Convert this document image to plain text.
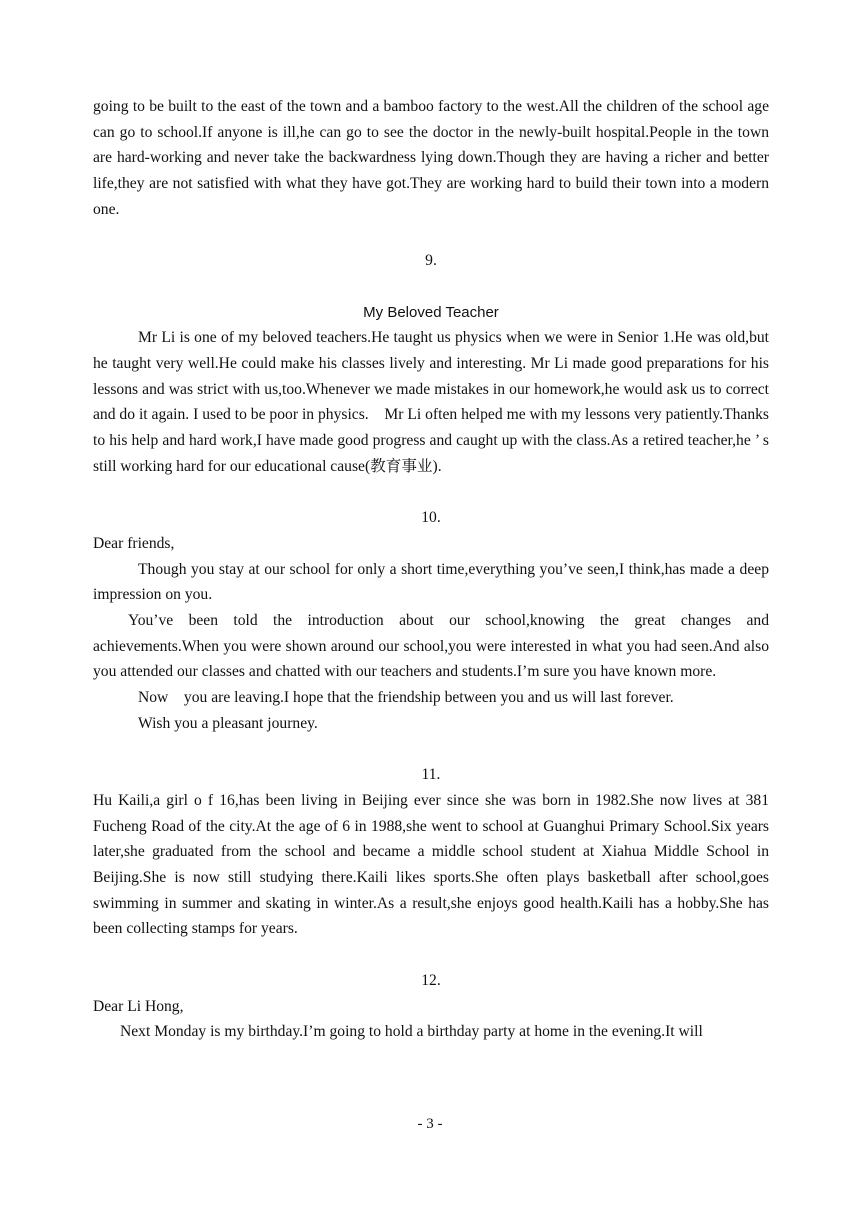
going to be built to the east of the town and a bamboo factory to the west.All the children of the school age can go to school.If anyone is ill,he can go to see the doctor in the newly-built hospital.People in the town are hard-working and never take the backwardness lying down.Though they are having a richer and better life,they are not satisfied with what they have got.They are working hard to build their town into a modern one.

9.

My Beloved Teacher

Mr Li is one of my beloved teachers.He taught us physics when we were in Senior 1.He was old,but he taught very well.He could make his classes lively and interesting. Mr Li made good preparations for his lessons and was strict with us,too.Whenever we made mistakes in our homework,he would ask us to correct and do it again. I used to be poor in physics.    Mr Li often helped me with my lessons very patiently.Thanks to his help and hard work,I have made good progress and caught up with the class.As a retired teacher,he ’ s still working hard for our educational cause(教育事业).

10.

Dear friends,

Though you stay at our school for only a short time,everything you’ve seen,I think,has made a deep impression on you.

You’ve been told the introduction about our school,knowing the great changes and achievements.When you were shown around our school,you were interested in what you had seen.And also you attended our classes and chatted with our teachers and students.I’m sure you have known more.

Now    you are leaving.I hope that the friendship between you and us will last forever.

Wish you a pleasant journey.

11.

Hu Kaili,a girl o f 16,has been living in Beijing ever since she was born in 1982.She now lives at 381 Fucheng Road of the city.At the age of 6 in 1988,she went to school at Guanghui Primary School.Six years later,she graduated from the school and became a middle school student at Xiahua Middle School in Beijing.She is now still studying there.Kaili likes sports.She often plays basketball after school,goes swimming in summer and skating in winter.As a result,she enjoys good health.Kaili has a hobby.She has been collecting stamps for years.

12.

Dear Li Hong,

Next Monday is my birthday.I’m going to hold a birthday party at home in the evening.It will

- 3 -
